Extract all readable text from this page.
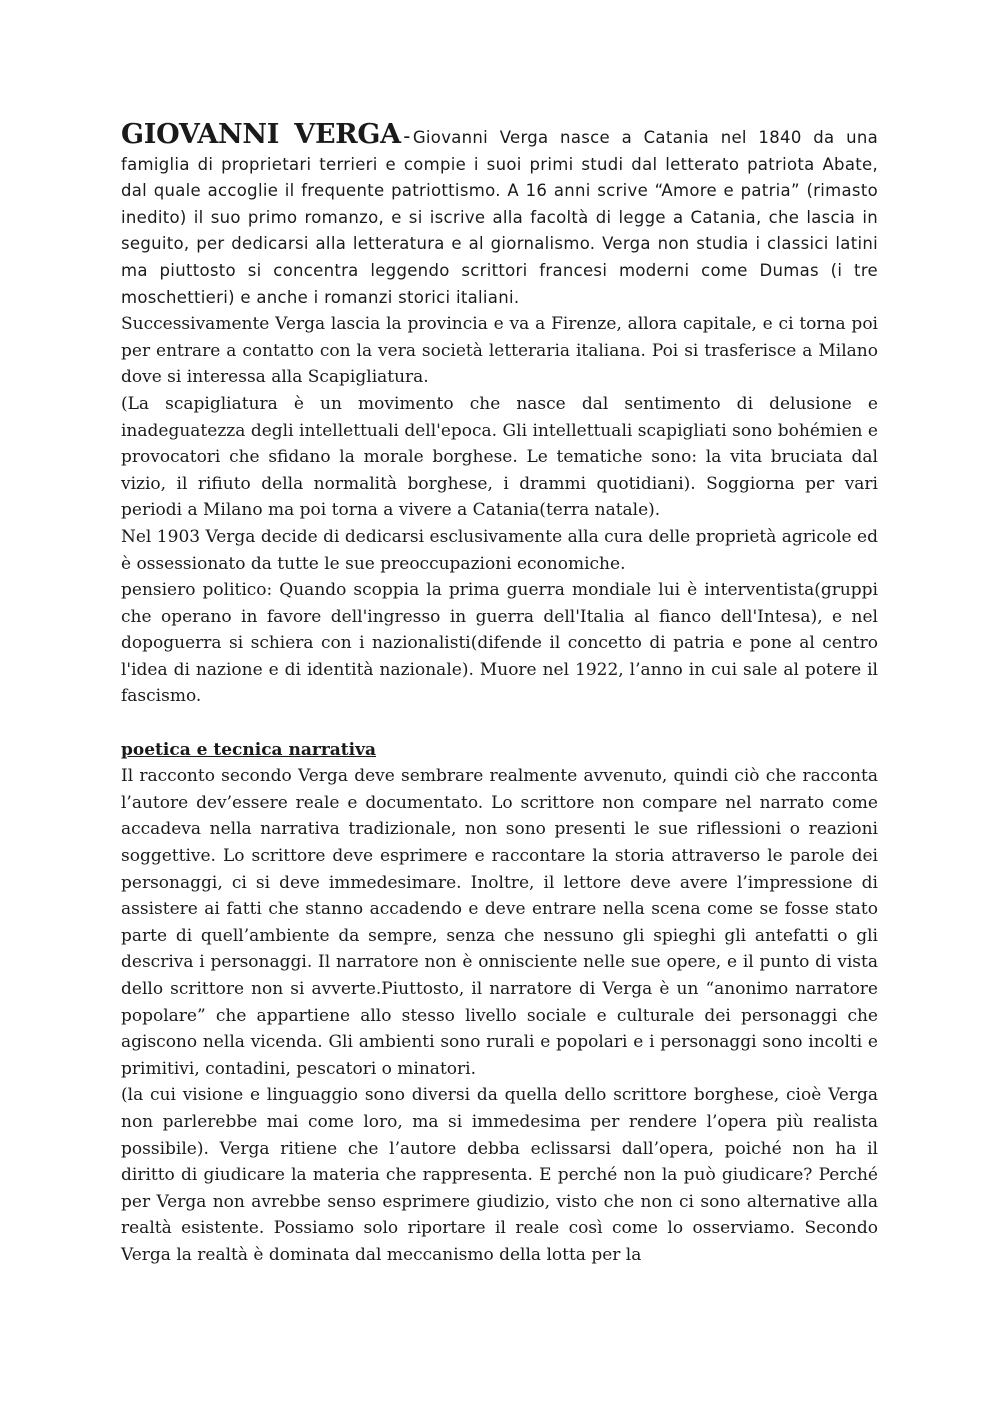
GIOVANNI VERGA-Giovanni Verga nasce a Catania nel 1840 da una famiglia di proprietari terrieri e compie i suoi primi studi dal letterato patriota Abate, dal quale accoglie il frequente patriottismo. A 16 anni scrive “Amore e patria” (rimasto inedito) il suo primo romanzo, e si iscrive alla facoltà di legge a Catania, che lascia in seguito, per dedicarsi alla letteratura e al giornalismo. Verga non studia i classici latini ma piuttosto si concentra leggendo scrittori francesi moderni come Dumas (i tre moschettieri) e anche i romanzi storici italiani.

Successivamente Verga lascia la provincia e va a Firenze, allora capitale, e ci torna poi per entrare a contatto con la vera società letteraria italiana. Poi si trasferisce a Milano dove si interessa alla Scapigliatura.

(La scapigliatura è un movimento che nasce dal sentimento di delusione e inadeguatezza degli intellettuali dell'epoca. Gli intellettuali scapigliati sono bohémien e provocatori che sfidano la morale borghese. Le tematiche sono: la vita bruciata dal vizio, il rifiuto della normalità borghese, i drammi quotidiani). Soggiorna per vari periodi a Milano ma poi torna a vivere a Catania(terra natale).

Nel 1903 Verga decide di dedicarsi esclusivamente alla cura delle proprietà agricole ed è ossessionato da tutte le sue preoccupazioni economiche.

pensiero politico: Quando scoppia la prima guerra mondiale lui è interventista(gruppi che operano in favore dell'ingresso in guerra dell'Italia al fianco dell'Intesa), e nel dopoguerra si schiera con i nazionalisti(difende il concetto di patria e pone al centro l'idea di nazione e di identità nazionale). Muore nel 1922, l’anno in cui sale al potere il fascismo.

poetica e tecnica narrativa

Il racconto secondo Verga deve sembrare realmente avvenuto, quindi ciò che racconta l’autore dev’essere reale e documentato. Lo scrittore non compare nel narrato come accadeva nella narrativa tradizionale, non sono presenti le sue riflessioni o reazioni soggettive. Lo scrittore deve esprimere e raccontare la storia attraverso le parole dei personaggi, ci si deve immedesimare. Inoltre, il lettore deve avere l’impressione di assistere ai fatti che stanno accadendo e deve entrare nella scena come se fosse stato parte di quell’ambiente da sempre, senza che nessuno gli spieghi gli antefatti o gli descriva i personaggi. Il narratore non è onnisciente nelle sue opere, e il punto di vista dello scrittore non si avverte.Piuttosto, il narratore di Verga è un “anonimo narratore popolare” che appartiene allo stesso livello sociale e culturale dei personaggi che agiscono nella vicenda. Gli ambienti sono rurali e popolari e i personaggi sono incolti e primitivi, contadini, pescatori o minatori.

(la cui visione e linguaggio sono diversi da quella dello scrittore borghese, cioè Verga non parlerebbe mai come loro, ma si immedesima per rendere l’opera più realista possibile). Verga ritiene che l’autore debba eclissarsi dall’opera, poiché non ha il diritto di giudicare la materia che rappresenta. E perché non la può giudicare? Perché per Verga non avrebbe senso esprimere giudizio, visto che non ci sono alternative alla realtà esistente. Possiamo solo riportare il reale così come lo osserviamo. Secondo Verga la realtà è dominata dal meccanismo della lotta per la
